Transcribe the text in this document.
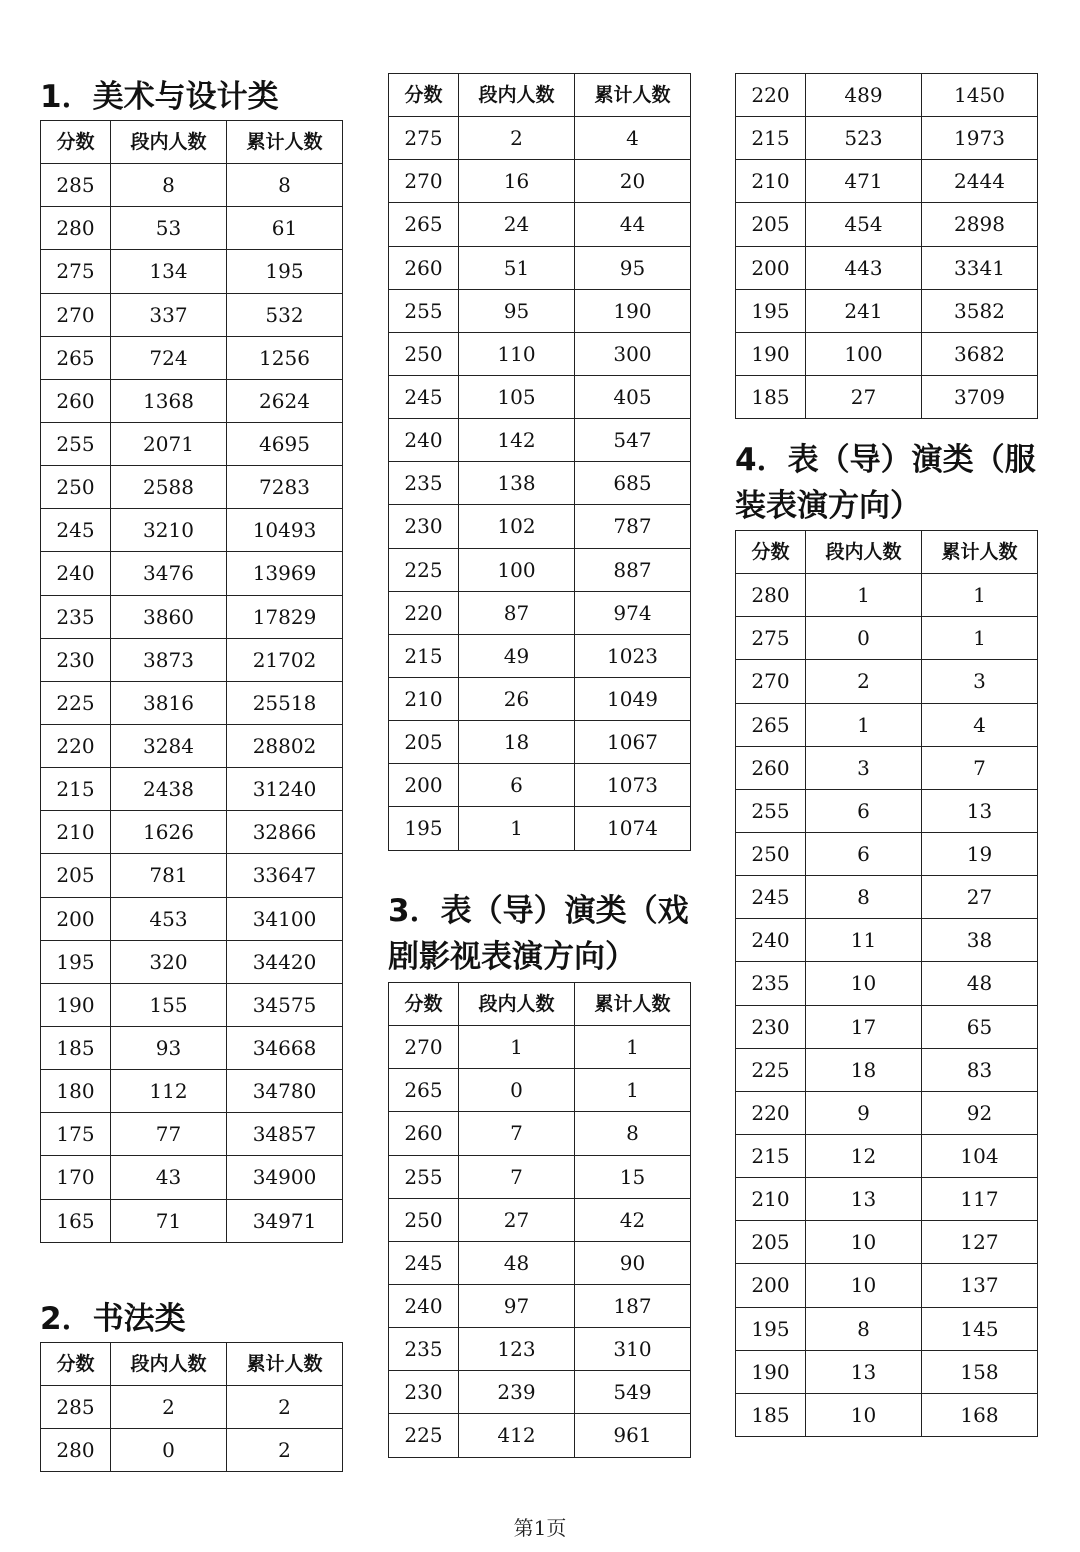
1．美术与设计类
分数	段内人数	累计人数
285	8	8
280	53	61
275	134	195
270	337	532
265	724	1256
260	1368	2624
255	2071	4695
250	2588	7283
245	3210	10493
240	3476	13969
235	3860	17829
230	3873	21702
225	3816	25518
220	3284	28802
215	2438	31240
210	1626	32866
205	781	33647
200	453	34100
195	320	34420
190	155	34575
185	93	34668
180	112	34780
175	77	34857
170	43	34900
165	71	34971
2．书法类
分数	段内人数	累计人数
285	2	2
280	0	2
分数	段内人数	累计人数
275	2	4
270	16	20
265	24	44
260	51	95
255	95	190
250	110	300
245	105	405
240	142	547
235	138	685
230	102	787
225	100	887
220	87	974
215	49	1023
210	26	1049
205	18	1067
200	6	1073
195	1	1074
3．表（导）演类（戏
剧影视表演方向）
分数	段内人数	累计人数
270	1	1
265	0	1
260	7	8
255	7	15
250	27	42
245	48	90
240	97	187
235	123	310
230	239	549
225	412	961
220	489	1450
215	523	1973
210	471	2444
205	454	2898
200	443	3341
195	241	3582
190	100	3682
185	27	3709
4．表（导）演类（服
装表演方向）
分数	段内人数	累计人数
280	1	1
275	0	1
270	2	3
265	1	4
260	3	7
255	6	13
250	6	19
245	8	27
240	11	38
235	10	48
230	17	65
225	18	83
220	9	92
215	12	104
210	13	117
205	10	127
200	10	137
195	8	145
190	13	158
185	10	168
第1页
